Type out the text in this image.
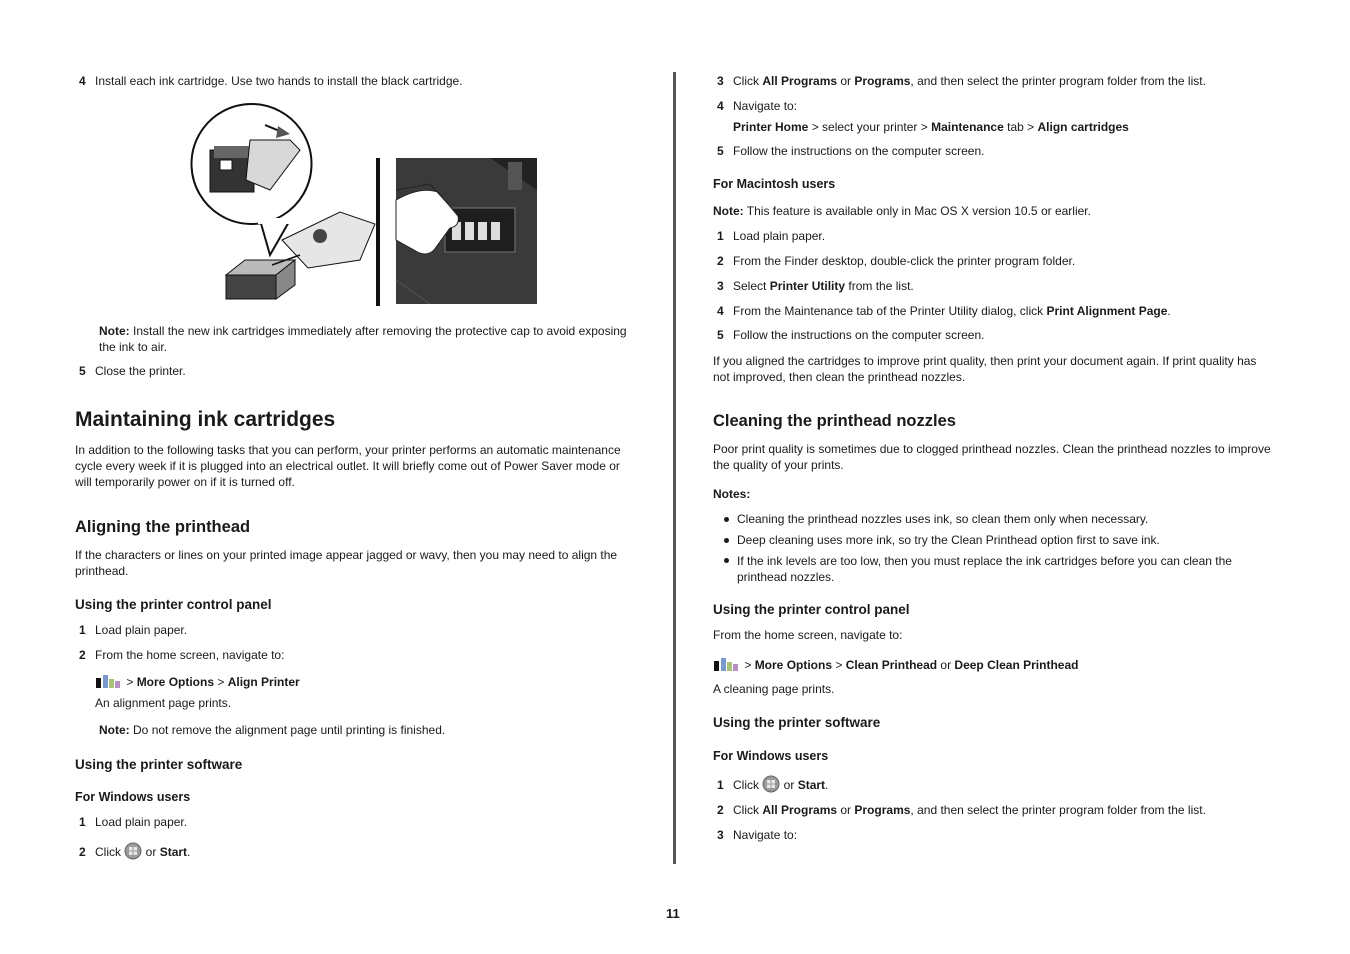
4 Install each ink cartridge. Use two hands to install the black cartridge.
Note: Install the new ink cartridges immediately after removing the protective cap to avoid exposing
the ink to air.
5 Close the printer.
Maintaining ink cartridges
In addition to the following tasks that you can perform, your printer performs an automatic maintenance
cycle every week if it is plugged into an electrical outlet. It will briefly come out of Power Saver mode or
will temporarily power on if it is turned off.
Aligning the printhead
If the characters or lines on your printed image appear jagged or wavy, then you may need to align the
printhead.
Using the printer control panel
1 Load plain paper.
2 From the home screen, navigate to:
> More Options > Align Printer
An alignment page prints.
Note: Do not remove the alignment page until printing is finished.
Using the printer software
For Windows users
1 Load plain paper.
2 Click  or Start.
3 Click All Programs or Programs, and then select the printer program folder from the list.
4 Navigate to:
Printer Home > select your printer > Maintenance tab > Align cartridges
5 Follow the instructions on the computer screen.
For Macintosh users
Note: This feature is available only in Mac OS X version 10.5 or earlier.
1 Load plain paper.
2 From the Finder desktop, double-click the printer program folder.
3 Select Printer Utility from the list.
4 From the Maintenance tab of the Printer Utility dialog, click Print Alignment Page.
5 Follow the instructions on the computer screen.
If you aligned the cartridges to improve print quality, then print your document again. If print quality has
not improved, then clean the printhead nozzles.
Cleaning the printhead nozzles
Poor print quality is sometimes due to clogged printhead nozzles. Clean the printhead nozzles to improve
the quality of your prints.
Notes:
Cleaning the printhead nozzles uses ink, so clean them only when necessary.
Deep cleaning uses more ink, so try the Clean Printhead option first to save ink.
If the ink levels are too low, then you must replace the ink cartridges before you can clean the
printhead nozzles.
Using the printer control panel
From the home screen, navigate to:
> More Options > Clean Printhead or Deep Clean Printhead
A cleaning page prints.
Using the printer software
For Windows users
1 Click  or Start.
2 Click All Programs or Programs, and then select the printer program folder from the list.
3 Navigate to:
11
